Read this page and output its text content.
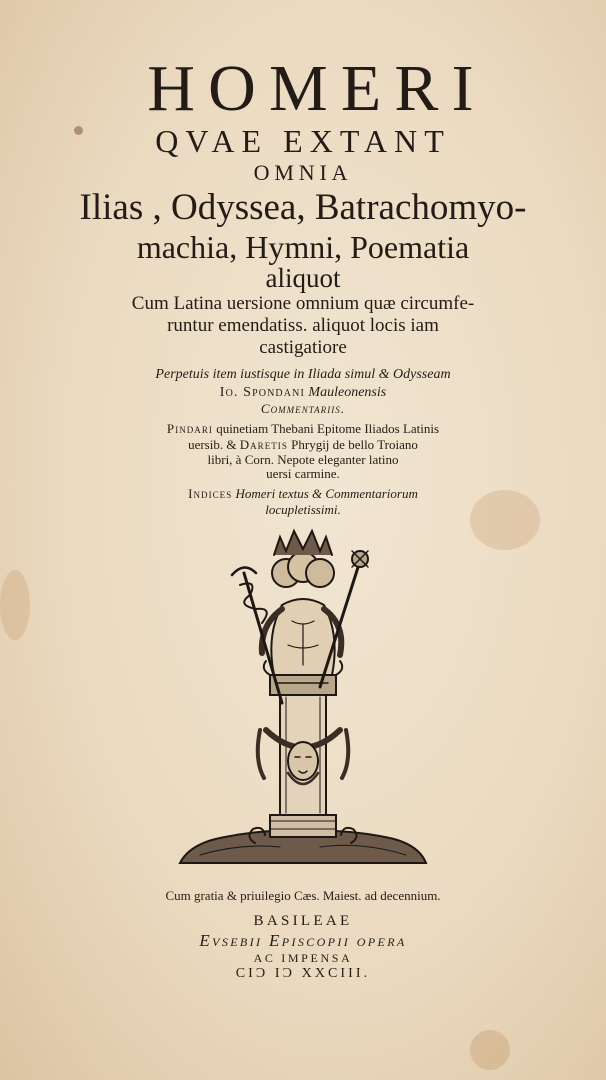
HOMERI
QVAE EXTANT
OMNIA
Ilias , Odyssea, Batrachomyo-
machia, Hymni, Poematia
aliquot
Cum Latina uersione omnium quæ circumfe-
runtur emendatiss. aliquot locis iam
castigatiore
Perpetuis item iustisque in Iliada simul & Odysseam
Io. Spondani Mauleonensis
Commentariis.
Pindari quinetiam Thebani Epitome Iliados Latinis
uersib. & Daretis Phrygij de bello Troiano
libri, à Corn. Nepote eleganter latino
uersi carmine.
Indices Homeri textus & Commentariorum
locupletissimi.
Cum gratia & priuilegio Cæs. Maiest. ad decennium.
BASILEAE
Evsebii Episcopii opera
AC IMPENSA
CIƆ IƆ XXCIII.
